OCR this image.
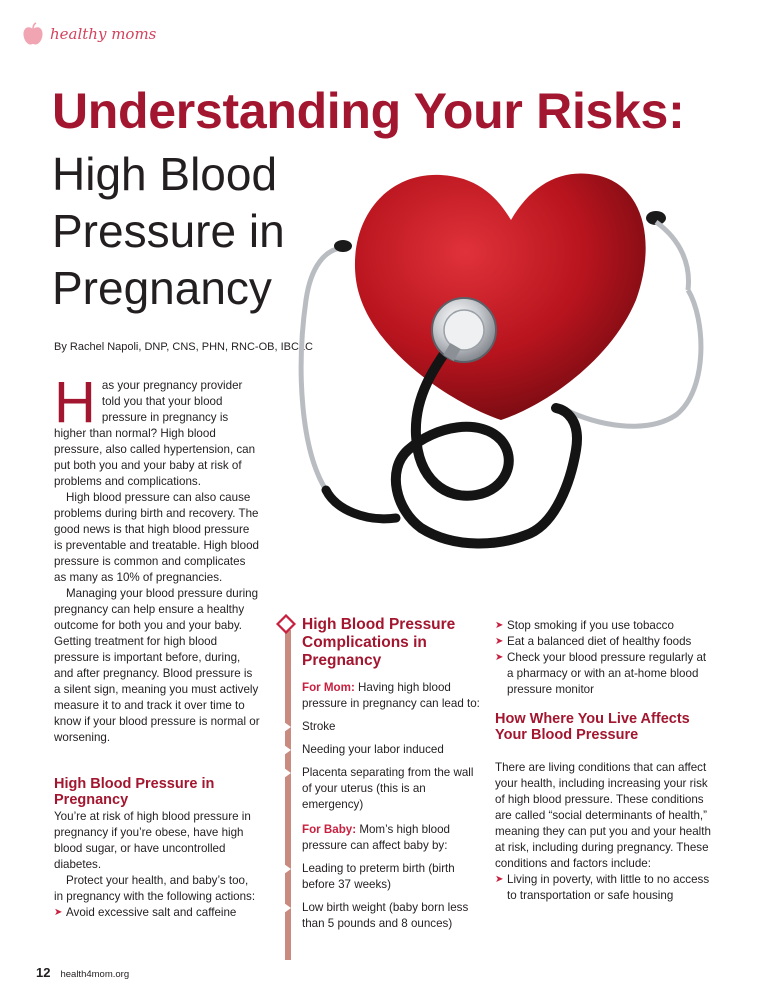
healthy moms
Understanding Your Risks:
High Blood Pressure in Pregnancy
By Rachel Napoli, DNP, CNS, PHN, RNC-OB, IBCLC
H as your pregnancy provider told you that your blood pressure in pregnancy is higher than normal? High blood pressure, also called hypertension, can put both you and your baby at risk of problems and complications.

High blood pressure can also cause problems during birth and recovery. The good news is that high blood pressure is preventable and treatable. High blood pressure is common and complicates as many as 10% of pregnancies.

Managing your blood pressure during pregnancy can help ensure a healthy outcome for both you and your baby. Getting treatment for high blood pressure is important before, during, and after pregnancy. Blood pressure is a silent sign, meaning you must actively measure it to and track it over time to know if your blood pressure is normal or worsening.

High Blood Pressure in Pregnancy

You’re at risk of high blood pressure in pregnancy if you’re obese, have high blood sugar, or have uncontrolled diabetes.

Protect your health, and baby’s too, in pregnancy with the following actions:

➤ Avoid excessive salt and caffeine
High Blood Pressure Complications in Pregnancy

For Mom: Having high blood pressure in pregnancy can lead to:

Stroke
Needing your labor induced
Placenta separating from the wall of your uterus (this is an emergency)

For Baby: Mom’s high blood pressure can affect baby by:

Leading to preterm birth (birth before 37 weeks)
Low birth weight (baby born less than 5 pounds and 8 ounces)
➤ Stop smoking if you use tobacco
➤ Eat a balanced diet of healthy foods
➤ Check your blood pressure regularly at a pharmacy or with an at-home blood pressure monitor
How Where You Live Affects Your Blood Pressure

There are living conditions that can affect your health, including increasing your risk of high blood pressure. These conditions are called “social determinants of health,” meaning they can put you and your health at risk, including during pregnancy. These conditions and factors include:

➤ Living in poverty, with little to no access to transportation or safe housing
12 health4mom.org
